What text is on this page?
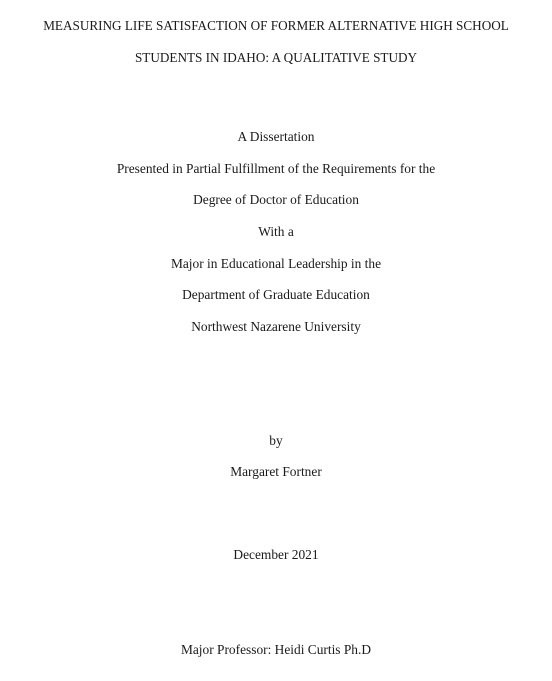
MEASURING LIFE SATISFACTION OF FORMER ALTERNATIVE HIGH SCHOOL
STUDENTS IN IDAHO: A QUALITATIVE STUDY
A Dissertation
Presented in Partial Fulfillment of the Requirements for the
Degree of Doctor of Education
With a
Major in Educational Leadership in the
Department of Graduate Education
Northwest Nazarene University
by
Margaret Fortner
December 2021
Major Professor: Heidi Curtis Ph.D
